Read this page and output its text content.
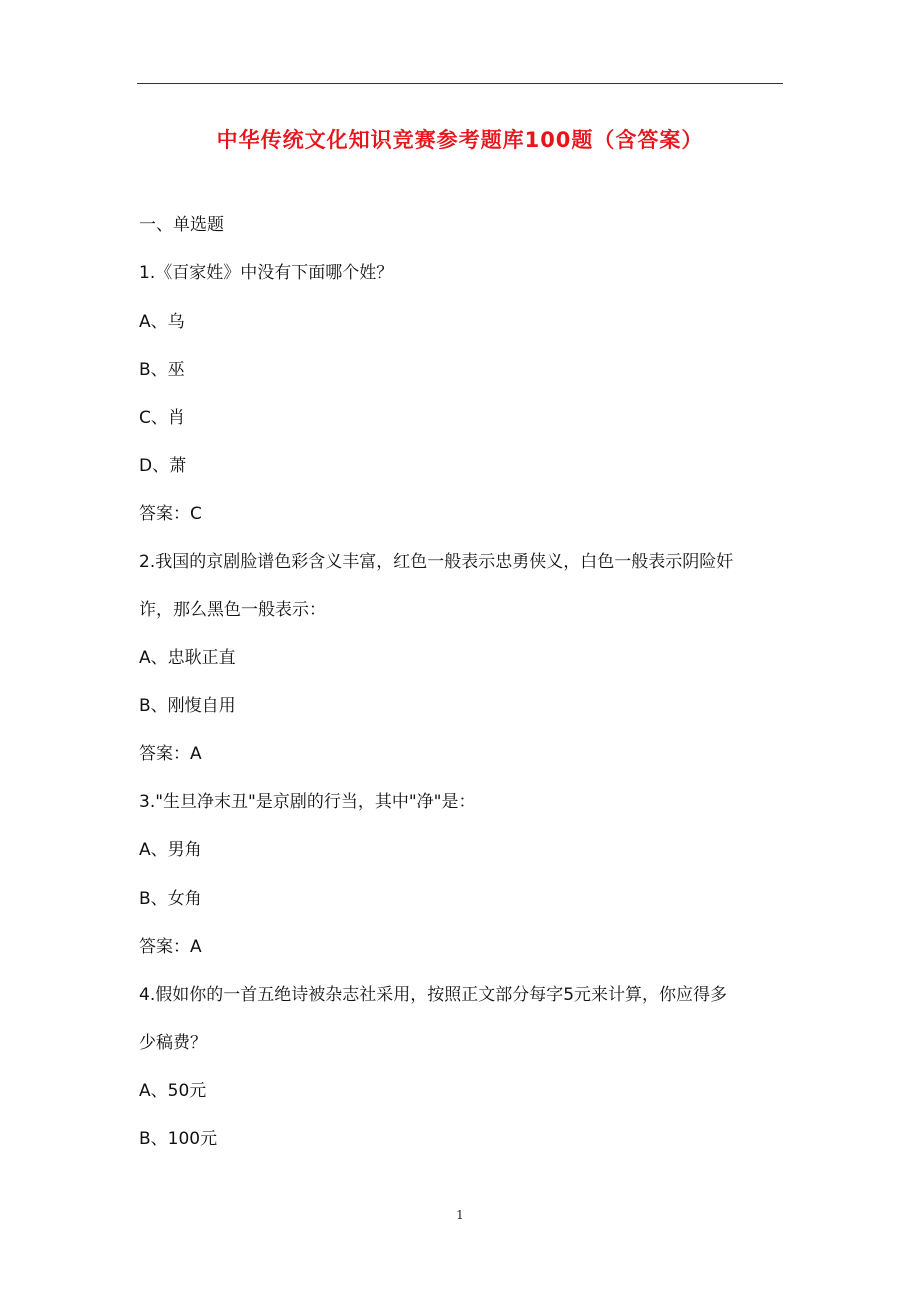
中华传统文化知识竞赛参考题库100题（含答案）
一、单选题
1.《百家姓》中没有下面哪个姓？
A、乌
B、巫
C、肖
D、萧
答案：C
2.我国的京剧脸谱色彩含义丰富，红色一般表示忠勇侠义，白色一般表示阴险奸
诈，那么黑色一般表示：
A、忠耿正直
B、刚愎自用
答案：A
3."生旦净末丑"是京剧的行当，其中"净"是：
A、男角
B、女角
答案：A
4.假如你的一首五绝诗被杂志社采用，按照正文部分每字5元来计算，你应得多
少稿费？
A、50元
B、100元
1
